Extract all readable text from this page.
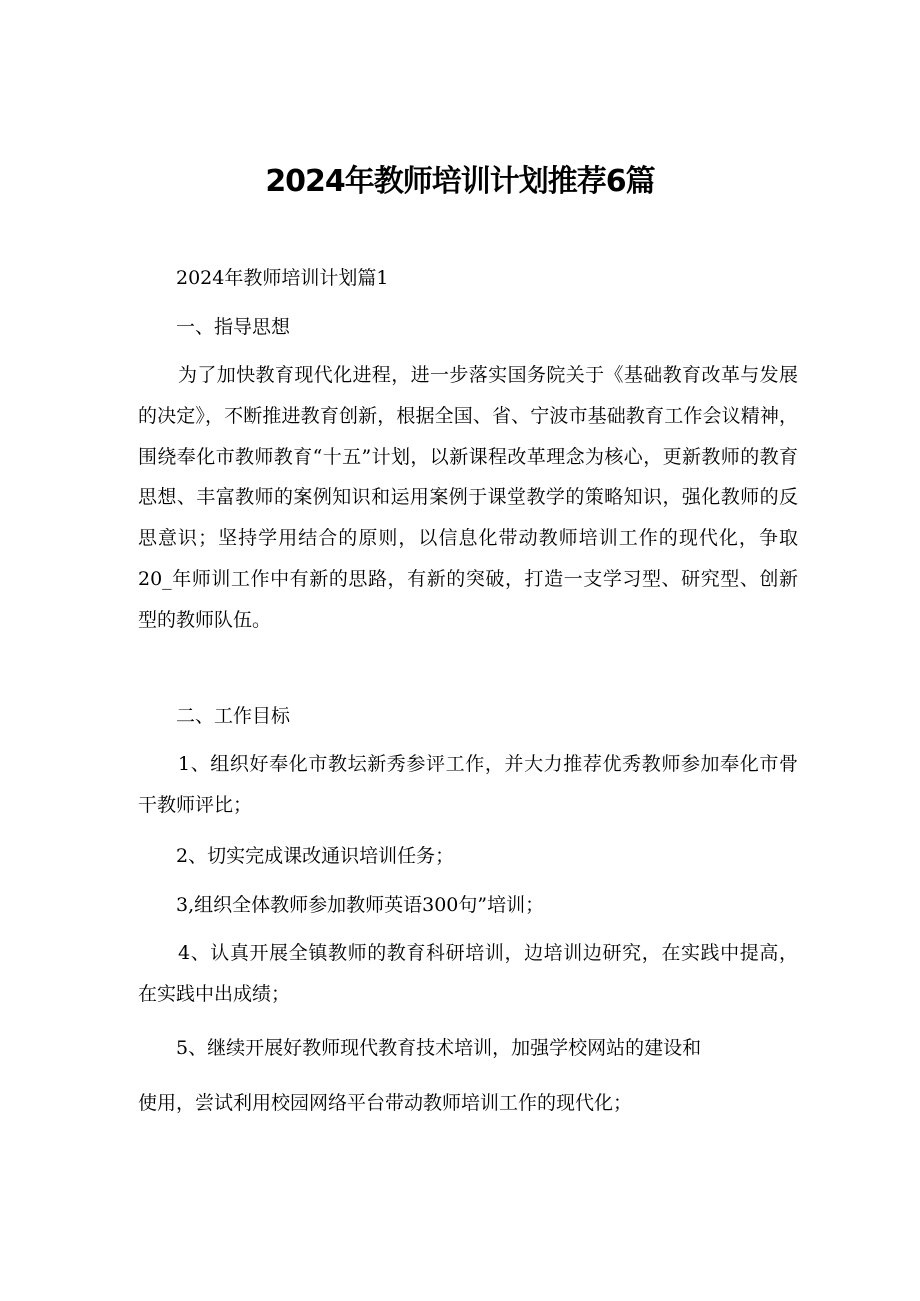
2024年教师培训计划推荐6篇

2024年教师培训计划篇1

一、指导思想

为了加快教育现代化进程，进一步落实国务院关于《基础教育改革与发展的决定》，不断推进教育创新，根据全国、省、宁波市基础教育工作会议精神，围绕奉化市教师教育“十五”计划，以新课程改革理念为核心，更新教师的教育思想、丰富教师的案例知识和运用案例于课堂教学的策略知识，强化教师的反思意识；坚持学用结合的原则，以信息化带动教师培训工作的现代化，争取20_年师训工作中有新的思路，有新的突破，打造一支学习型、研究型、创新型的教师队伍。

二、工作目标

1、组织好奉化市教坛新秀参评工作，并大力推荐优秀教师参加奉化市骨干教师评比；

2、切实完成课改通识培训任务；

3,组织全体教师参加教师英语300句”培训；

4、认真开展全镇教师的教育科研培训，边培训边研究，在实践中提高，在实践中出成绩；

5、继续开展好教师现代教育技术培训，加强学校网站的建设和

使用，尝试利用校园网络平台带动教师培训工作的现代化；
